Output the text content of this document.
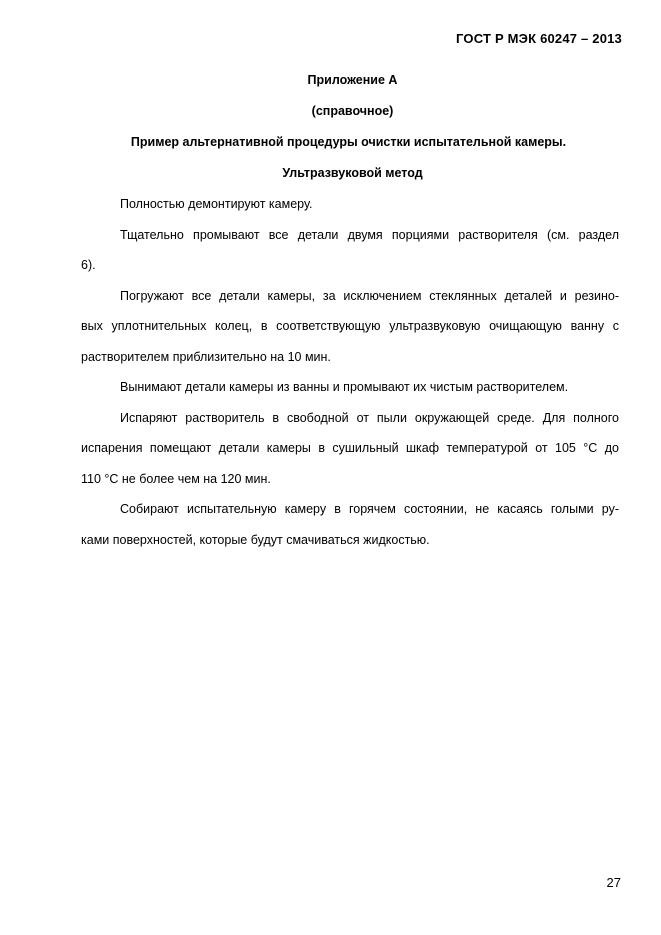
ГОСТ Р МЭК 60247 – 2013
Приложение А
(справочное)
Пример альтернативной процедуры очистки испытательной камеры.
Ультразвуковой метод
Полностью демонтируют камеру.
Тщательно промывают все детали двумя порциями растворителя (см. раздел
6).
Погружают все детали камеры, за исключением стеклянных деталей и резино-
вых уплотнительных колец, в соответствующую ультразвуковую очищающую ванну с
растворителем приблизительно на 10 мин.
Вынимают детали камеры из ванны и промывают их чистым растворителем.
Испаряют растворитель в свободной от пыли окружающей среде. Для полного
испарения помещают детали камеры в сушильный шкаф температурой от 105 °С до
110 °С не более чем на 120 мин.
Собирают испытательную камеру в горячем состоянии, не касаясь голыми ру-
ками поверхностей, которые будут смачиваться жидкостью.
27
